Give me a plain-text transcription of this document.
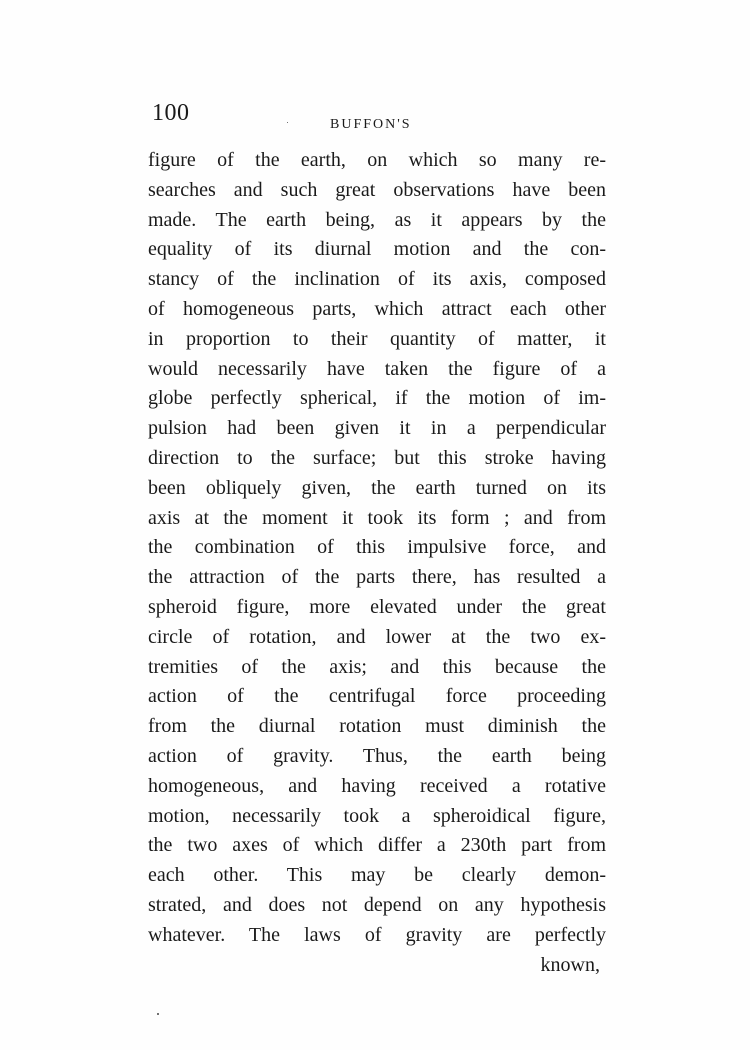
100	BUFFON'S
figure of the earth, on which so many re-
searches and such great observations have been
made. The earth being, as it appears by the
equality of its diurnal motion and the con-
stancy of the inclination of its axis, composed
of homogeneous parts, which attract each other
in proportion to their quantity of matter, it
would necessarily have taken the figure of a
globe perfectly spherical, if the motion of im-
pulsion had been given it in a perpendicular
direction to the surface; but this stroke having
been obliquely given, the earth turned on its
axis at the moment it took its form ; and from
the combination of this impulsive force, and
the attraction of the parts there, has resulted a
spheroid figure, more elevated under the great
circle of rotation, and lower at the two ex-
tremities of the axis; and this because the
action of the centrifugal force proceeding
from the diurnal rotation must diminish the
action of gravity. Thus, the earth being
homogeneous, and having received a rotative
motion, necessarily took a spheroidical figure,
the two axes of which differ a 230th part from
each other. This may be clearly demon-
strated, and does not depend on any hypothesis
whatever. The laws of gravity are perfectly
known,
